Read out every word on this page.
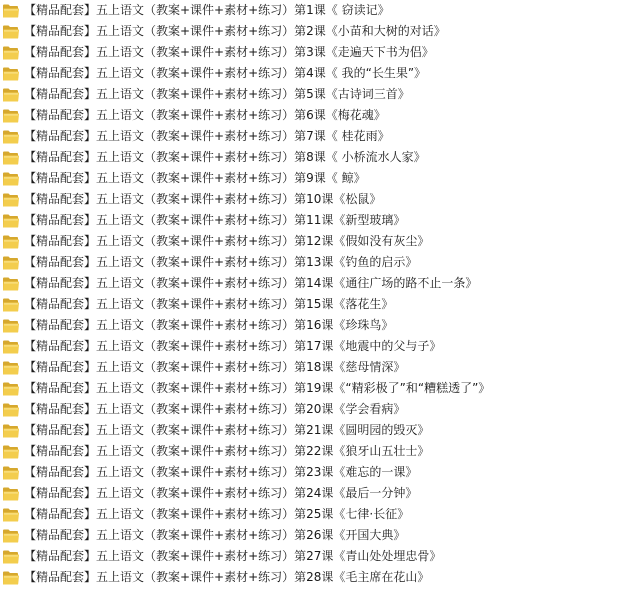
【精品配套】五上语文（教案+课件+素材+练习）第1课《 窃读记》
【精品配套】五上语文（教案+课件+素材+练习）第2课《小苗和大树的对话》
【精品配套】五上语文（教案+课件+素材+练习）第3课《走遍天下书为侣》
【精品配套】五上语文（教案+课件+素材+练习）第4课《 我的“长生果”》
【精品配套】五上语文（教案+课件+素材+练习）第5课《古诗词三首》
【精品配套】五上语文（教案+课件+素材+练习）第6课《梅花魂》
【精品配套】五上语文（教案+课件+素材+练习）第7课《 桂花雨》
【精品配套】五上语文（教案+课件+素材+练习）第8课《 小桥流水人家》
【精品配套】五上语文（教案+课件+素材+练习）第9课《 鲸》
【精品配套】五上语文（教案+课件+素材+练习）第10课《松鼠》
【精品配套】五上语文（教案+课件+素材+练习）第11课《新型玻璃》
【精品配套】五上语文（教案+课件+素材+练习）第12课《假如没有灰尘》
【精品配套】五上语文（教案+课件+素材+练习）第13课《钓鱼的启示》
【精品配套】五上语文（教案+课件+素材+练习）第14课《通往广场的路不止一条》
【精品配套】五上语文（教案+课件+素材+练习）第15课《落花生》
【精品配套】五上语文（教案+课件+素材+练习）第16课《珍珠鸟》
【精品配套】五上语文（教案+课件+素材+练习）第17课《地震中的父与子》
【精品配套】五上语文（教案+课件+素材+练习）第18课《慈母情深》
【精品配套】五上语文（教案+课件+素材+练习）第19课《“精彩极了”和“糟糕透了”》
【精品配套】五上语文（教案+课件+素材+练习）第20课《学会看病》
【精品配套】五上语文（教案+课件+素材+练习）第21课《圆明园的毁灭》
【精品配套】五上语文（教案+课件+素材+练习）第22课《狼牙山五壮士》
【精品配套】五上语文（教案+课件+素材+练习）第23课《难忘的一课》
【精品配套】五上语文（教案+课件+素材+练习）第24课《最后一分钟》
【精品配套】五上语文（教案+课件+素材+练习）第25课《七律·长征》
【精品配套】五上语文（教案+课件+素材+练习）第26课《开国大典》
【精品配套】五上语文（教案+课件+素材+练习）第27课《青山处处埋忠骨》
【精品配套】五上语文（教案+课件+素材+练习）第28课《毛主席在花山》
